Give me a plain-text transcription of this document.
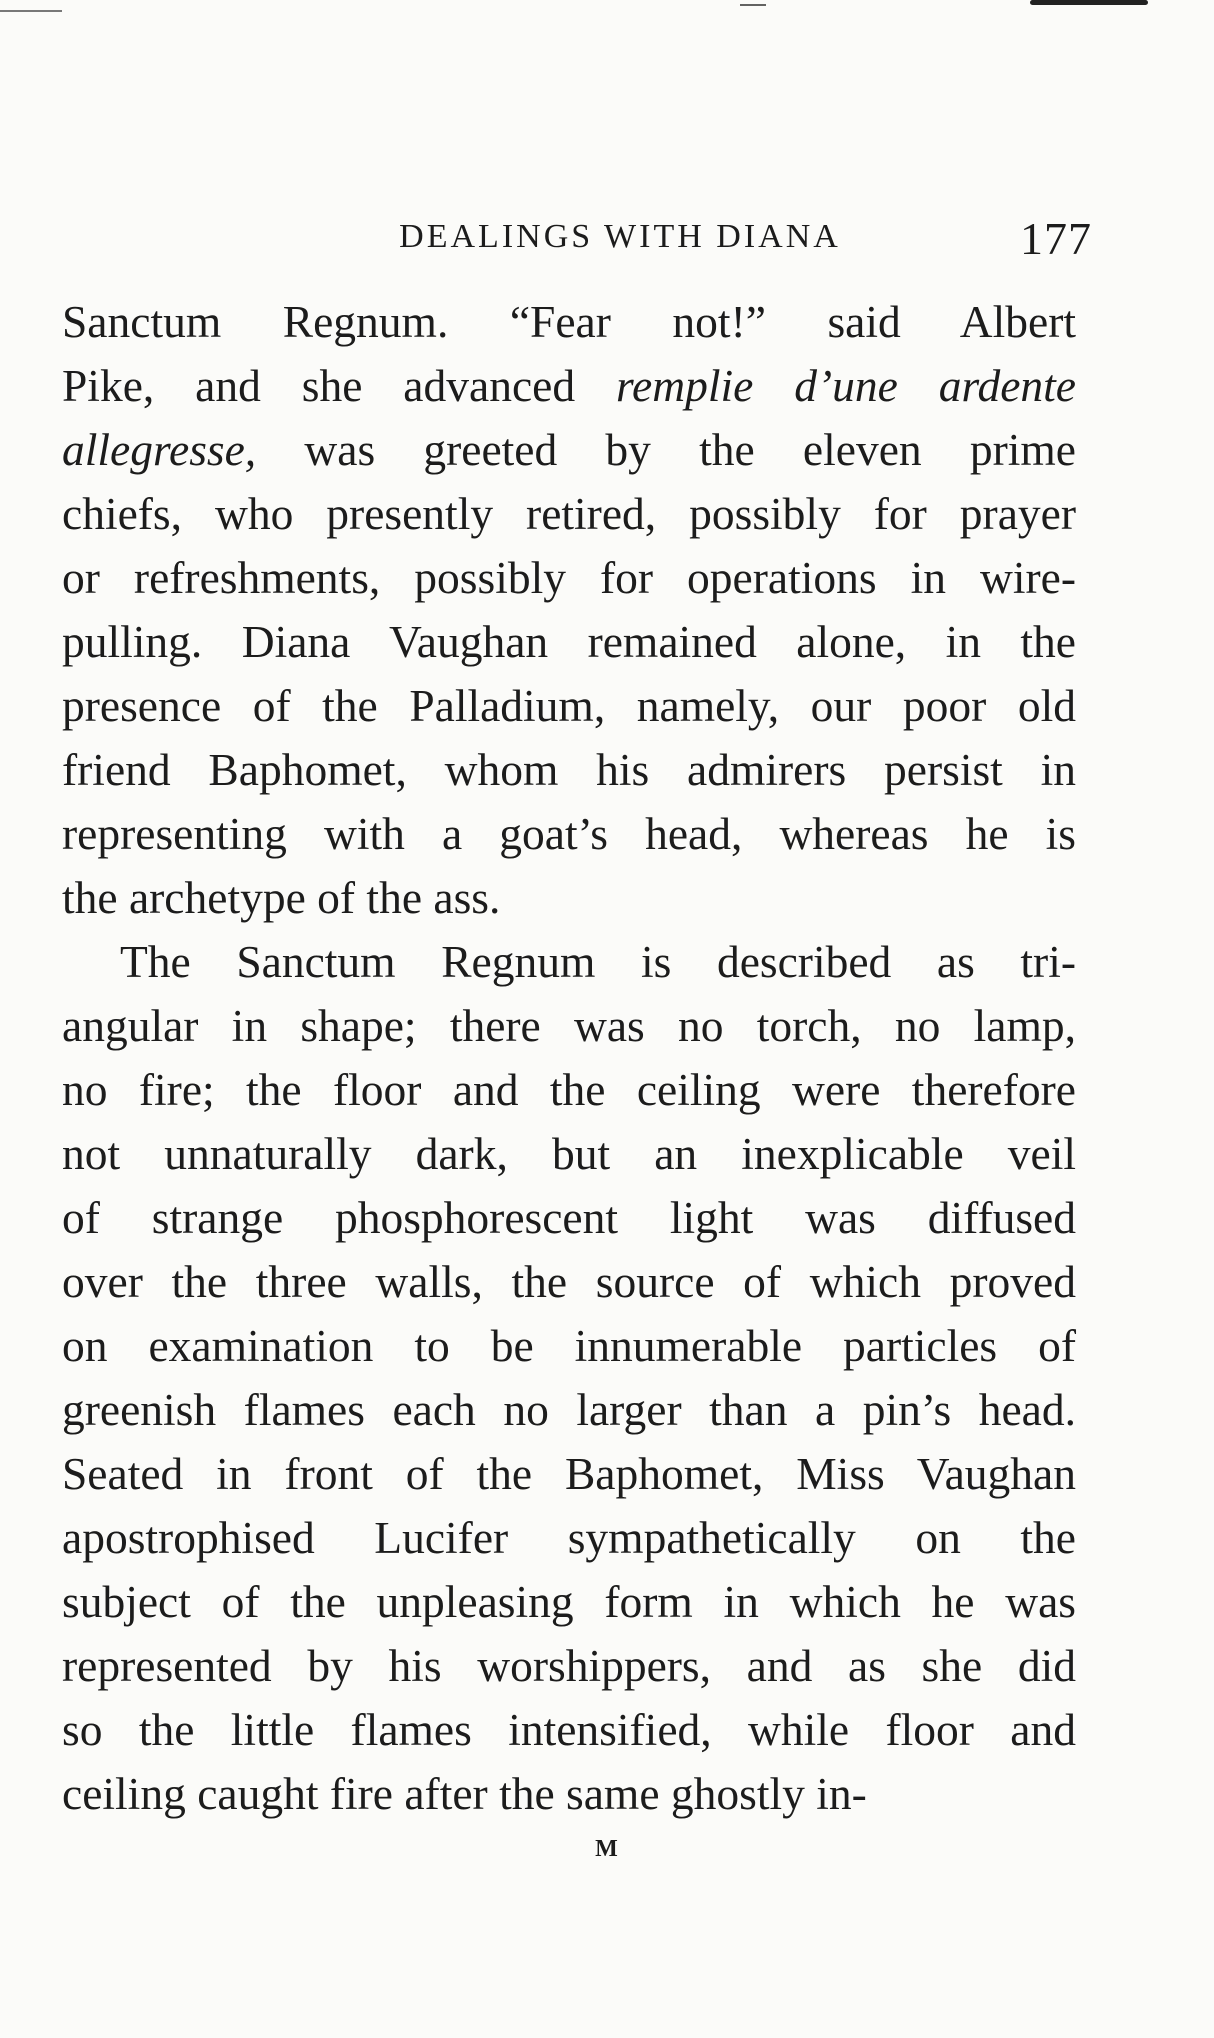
DEALINGS WITH DIANA	177
Sanctum Regnum. “Fear not!” said Albert
Pike, and she advanced remplie d’une ardente
allegresse, was greeted by the eleven prime
chiefs, who presently retired, possibly for prayer
or refreshments, possibly for operations in wire-
pulling. Diana Vaughan remained alone, in the
presence of the Palladium, namely, our poor old
friend Baphomet, whom his admirers persist in
representing with a goat’s head, whereas he is
the archetype of the ass.
The Sanctum Regnum is described as tri-
angular in shape; there was no torch, no lamp,
no fire; the floor and the ceiling were therefore
not unnaturally dark, but an inexplicable veil
of strange phosphorescent light was diffused
over the three walls, the source of which proved
on examination to be innumerable particles of
greenish flames each no larger than a pin’s head.
Seated in front of the Baphomet, Miss Vaughan
apostrophised Lucifer sympathetically on the
subject of the unpleasing form in which he was
represented by his worshippers, and as she did
so the little flames intensified, while floor and
ceiling caught fire after the same ghostly in-
M
